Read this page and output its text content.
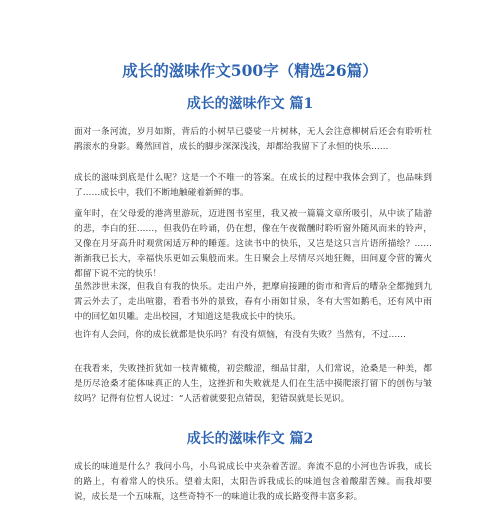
成长的滋味作文500字（精选26篇）
成长的滋味作文 篇1

面对一条河流，岁月如斯，背后的小树早已婆娑一片树林，无人会注意柳树后还会有聆听杜鹃滚水的身影。蓦然回首，成长的脚步深深浅浅，却都给我留下了永恒的快乐……

成长的滋味到底是什么呢？这是一个不唯一的答案。在成长的过程中我体会到了，也品味到了……成长中，我们不断地触碰着新鲜的事。

童年时，在父母爱的港湾里游玩，迈进图书室里，我又被一篇篇文章所吸引，从中读了陆游的悲，李白的狂……，但我仍在吟诵，仍在想，像在午夜微醺时聆听窗外随风而来的铃声，又像在月牙高升时观赏闲适万种的睡莲。这读书中的快乐，又岂是这只言片语所描绘？……渐渐我已长大，幸福快乐更如云集般而来。生日聚会上尽情尽兴地狂舞，田间夏令营的篝火都留下说不完的快乐！

虽然涉世未深，但我自有我的快乐。走出户外，把摩肩接踵的街市和背后的嘈杂全都抛到九霄云外去了，走出喧嚣，看看书外的景致，春有小雨如甘泉，冬有大雪如鹅毛，还有风中雨中的回忆如贝雕。走出校园，才知道这是我成长中的快乐。

也许有人会问，你的成长就都是快乐吗？有没有烦恼，有没有失败？当然有，不过……

在我看来，失败挫折犹如一枝青橄榄，初尝酸涩，细品甘甜，人们常说，沧桑是一种美，都是历尽沧桑才能体味真正的人生，这挫折和失败就是人们在生活中摸爬滚打留下的创伤与皱纹吗？记得有位哲人说过：“人活着就要犯点错误，犯错误就是长见识。

成长的滋味作文 篇2

成长的味道是什么？我问小鸟，小鸟说成长中夹杂着苦涩。奔流不息的小河也告诉我，成长的路上，有着常人的快乐。望着太阳，太阳告诉我成长的味道包含着酸甜苦辣。而我却要说，成长是一个五味瓶，这些奇特不一的味道让我的成长路变得丰富多彩。
